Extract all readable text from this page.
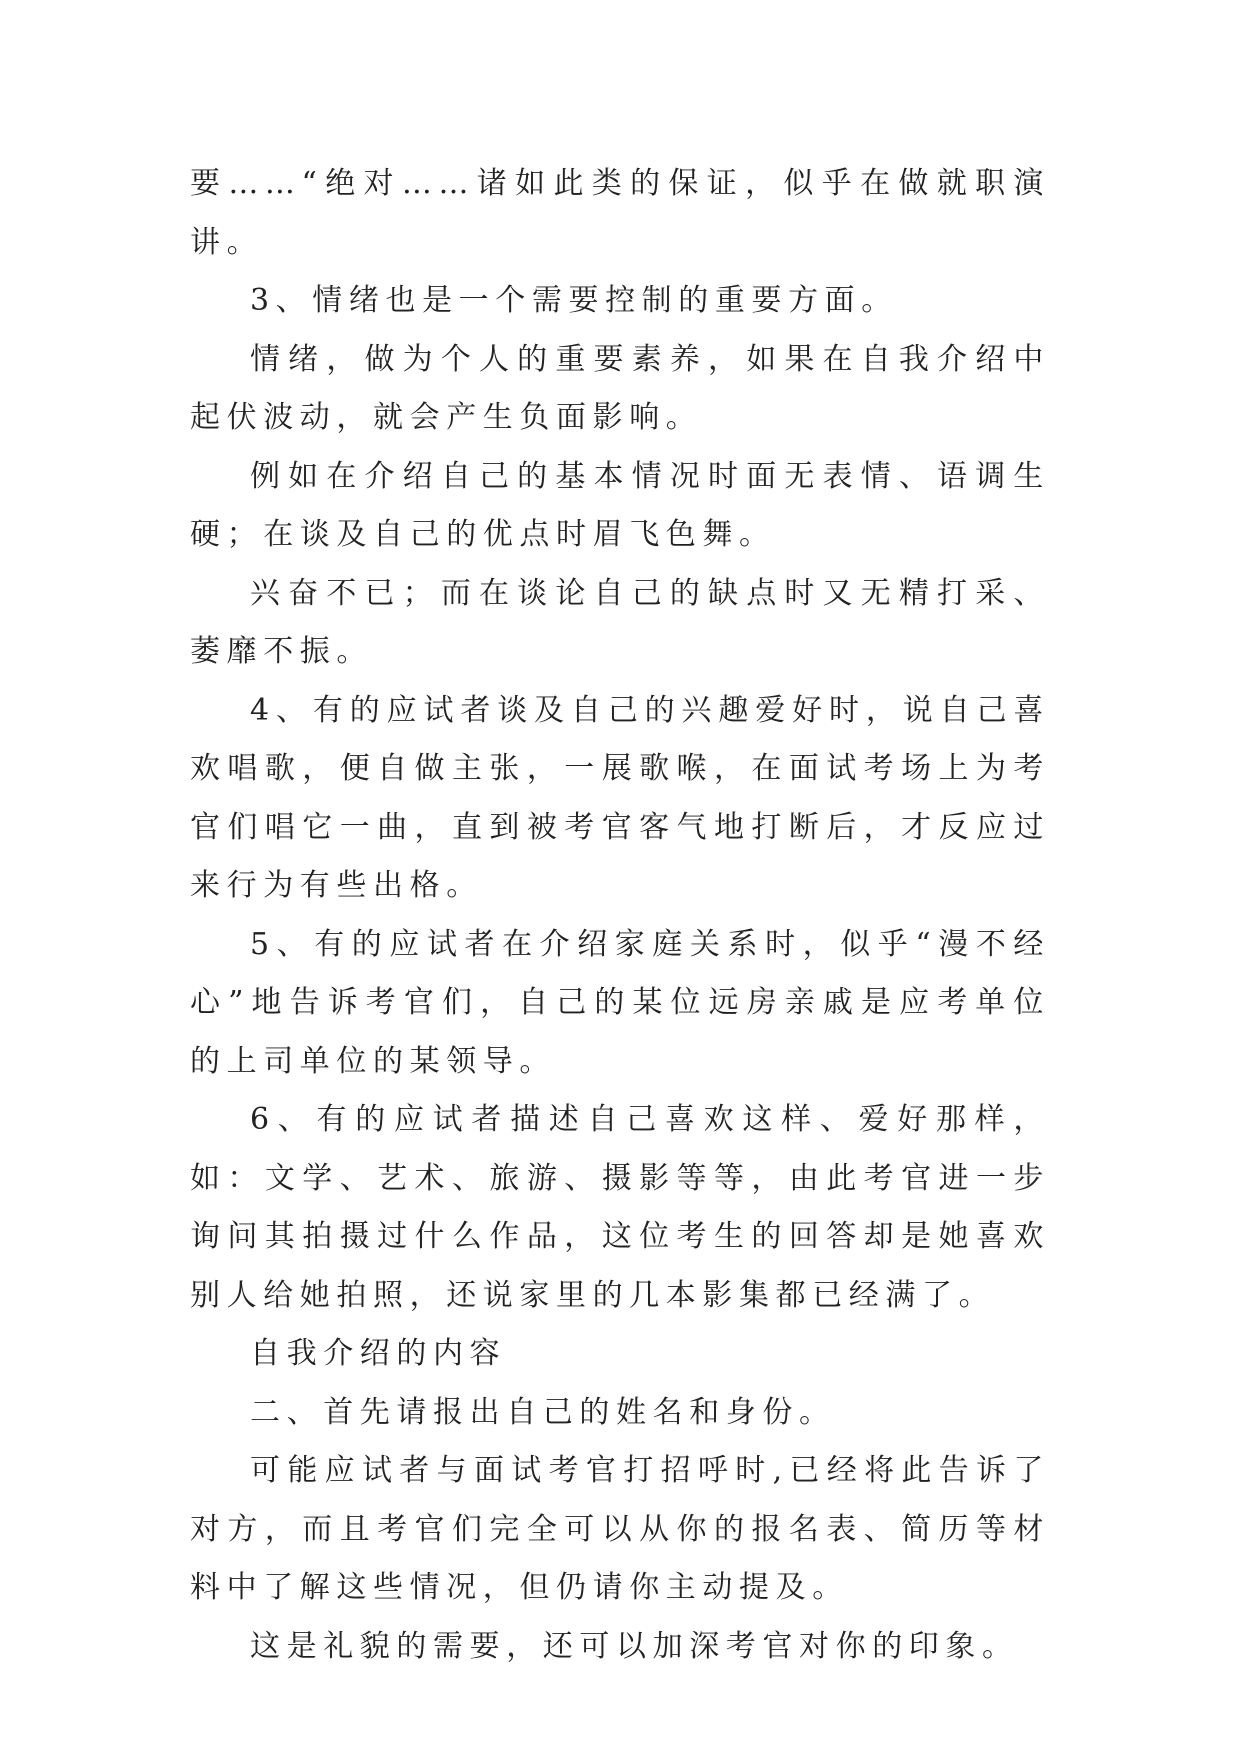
要……“绝对……诸如此类的保证，似乎在做就职演讲。

3、情绪也是一个需要控制的重要方面。

情绪，做为个人的重要素养，如果在自我介绍中起伏波动，就会产生负面影响。

例如在介绍自己的基本情况时面无表情、语调生硬；在谈及自己的优点时眉飞色舞。

兴奋不已；而在谈论自己的缺点时又无精打采、萎靡不振。

4、有的应试者谈及自己的兴趣爱好时，说自己喜欢唱歌，便自做主张，一展歌喉，在面试考场上为考官们唱它一曲，直到被考官客气地打断后，才反应过来行为有些出格。

5、有的应试者在介绍家庭关系时，似乎“漫不经心”地告诉考官们，自己的某位远房亲戚是应考单位的上司单位的某领导。

6、有的应试者描述自己喜欢这样、爱好那样，如：文学、艺术、旅游、摄影等等，由此考官进一步询问其拍摄过什么作品，这位考生的回答却是她喜欢别人给她拍照，还说家里的几本影集都已经满了。

自我介绍的内容

二、首先请报出自己的姓名和身份。

可能应试者与面试考官打招呼时,已经将此告诉了对方，而且考官们完全可以从你的报名表、简历等材料中了解这些情况，但仍请你主动提及。

这是礼貌的需要，还可以加深考官对你的印象。
